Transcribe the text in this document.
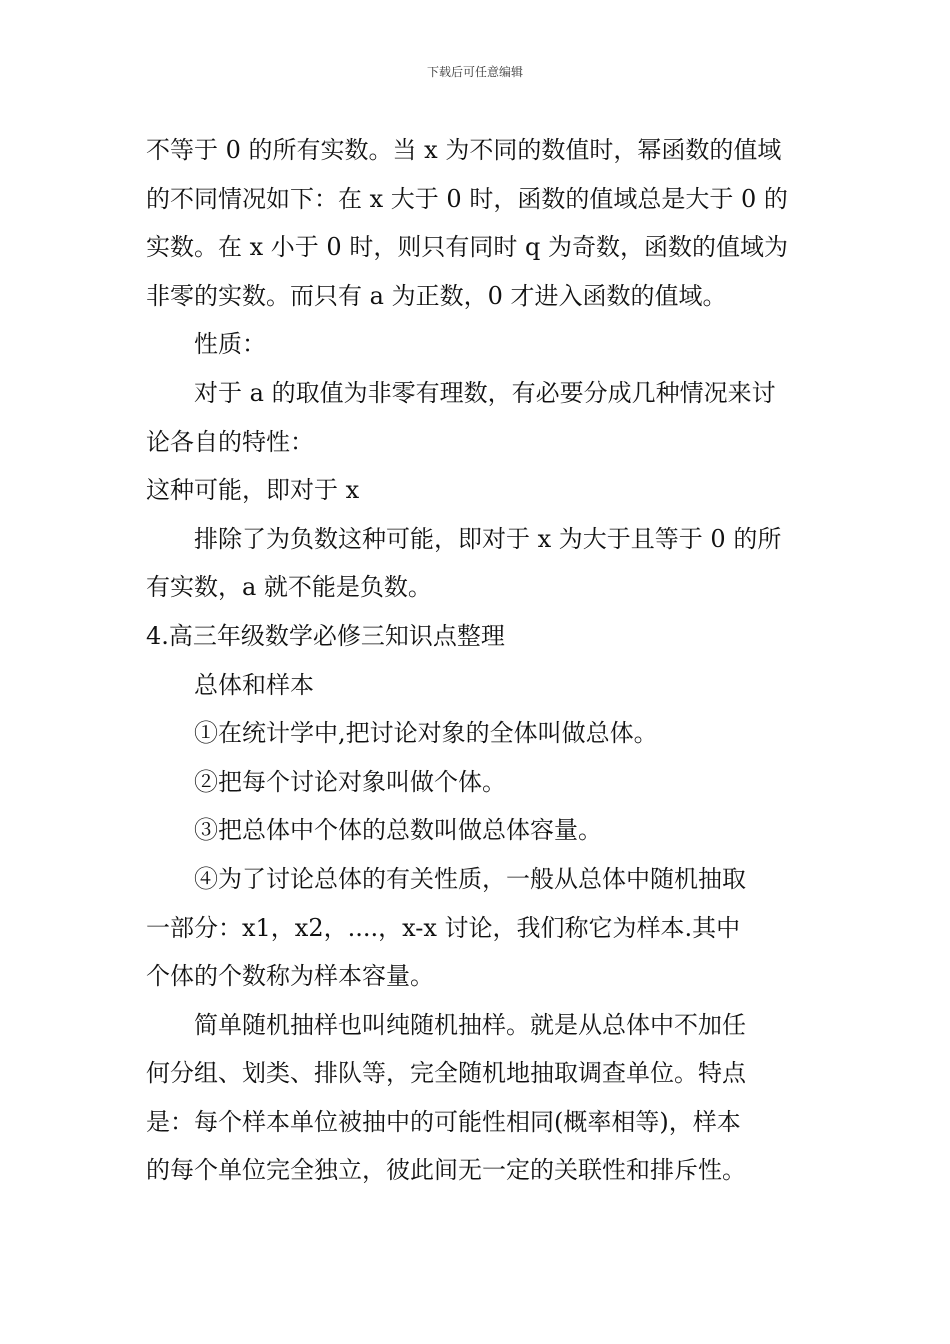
下载后可任意编辑

不等于 0 的所有实数。当 x 为不同的数值时，幂函数的值域

的不同情况如下：在 x 大于 0 时，函数的值域总是大于 0 的

实数。在 x 小于 0 时，则只有同时 q 为奇数，函数的值域为

非零的实数。而只有 a 为正数，0 才进入函数的值域。

性质：

对于 a 的取值为非零有理数，有必要分成几种情况来讨

论各自的特性：

这种可能，即对于 x

排除了为负数这种可能，即对于 x 为大于且等于 0 的所

有实数，a 就不能是负数。

4.高三年级数学必修三知识点整理

总体和样本

①在统计学中,把讨论对象的全体叫做总体。

②把每个讨论对象叫做个体。

③把总体中个体的总数叫做总体容量。

④为了讨论总体的有关性质，一般从总体中随机抽取

一部分：x1，x2，....，x-x 讨论，我们称它为样本.其中

个体的个数称为样本容量。

简单随机抽样也叫纯随机抽样。就是从总体中不加任

何分组、划类、排队等，完全随机地抽取调查单位。特点

是：每个样本单位被抽中的可能性相同(概率相等)，样本

的每个单位完全独立，彼此间无一定的关联性和排斥性。
